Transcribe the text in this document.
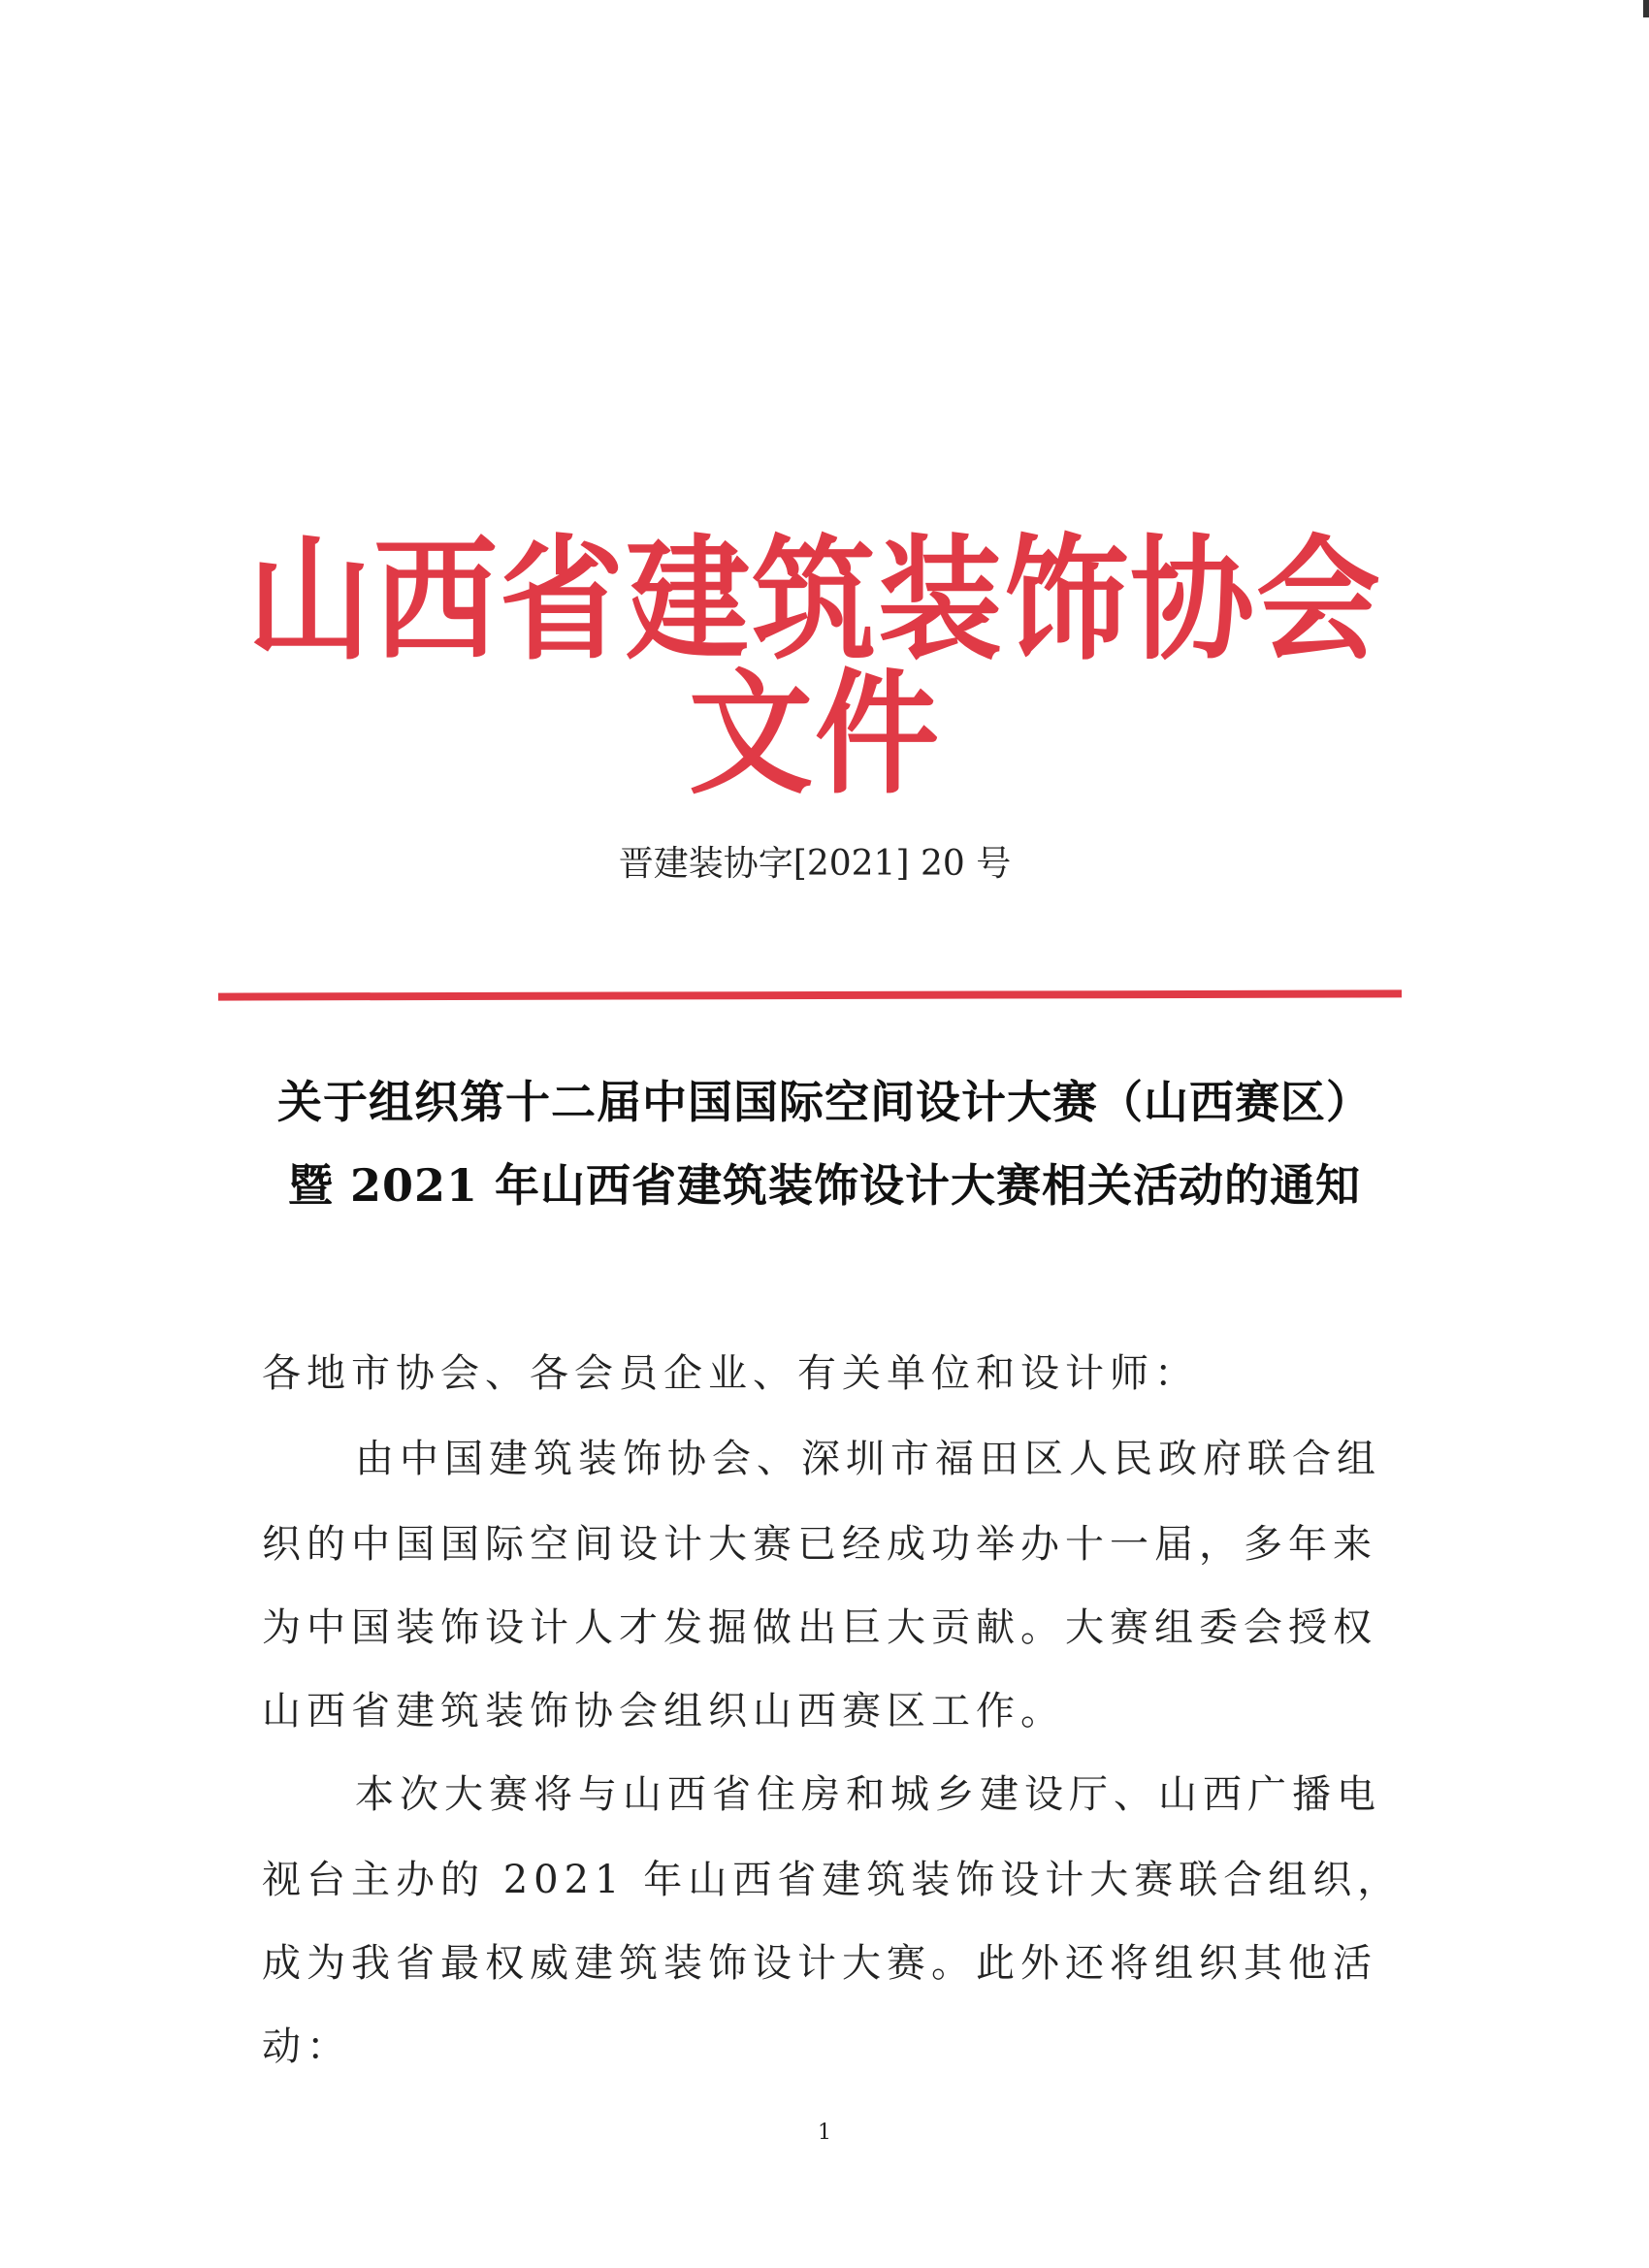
山西省建筑装饰协会文件
晋建装协字[2021] 20 号
关于组织第十二届中国国际空间设计大赛（山西赛区）
暨 2021 年山西省建筑装饰设计大赛相关活动的通知
各地市协会、各会员企业、有关单位和设计师：
由中国建筑装饰协会、深圳市福田区人民政府联合组
织的中国国际空间设计大赛已经成功举办十一届，多年来
为中国装饰设计人才发掘做出巨大贡献。大赛组委会授权
山西省建筑装饰协会组织山西赛区工作。
本次大赛将与山西省住房和城乡建设厅、山西广播电
视台主办的 2021 年山西省建筑装饰设计大赛联合组织，
成为我省最权威建筑装饰设计大赛。此外还将组织其他活
动：
1
